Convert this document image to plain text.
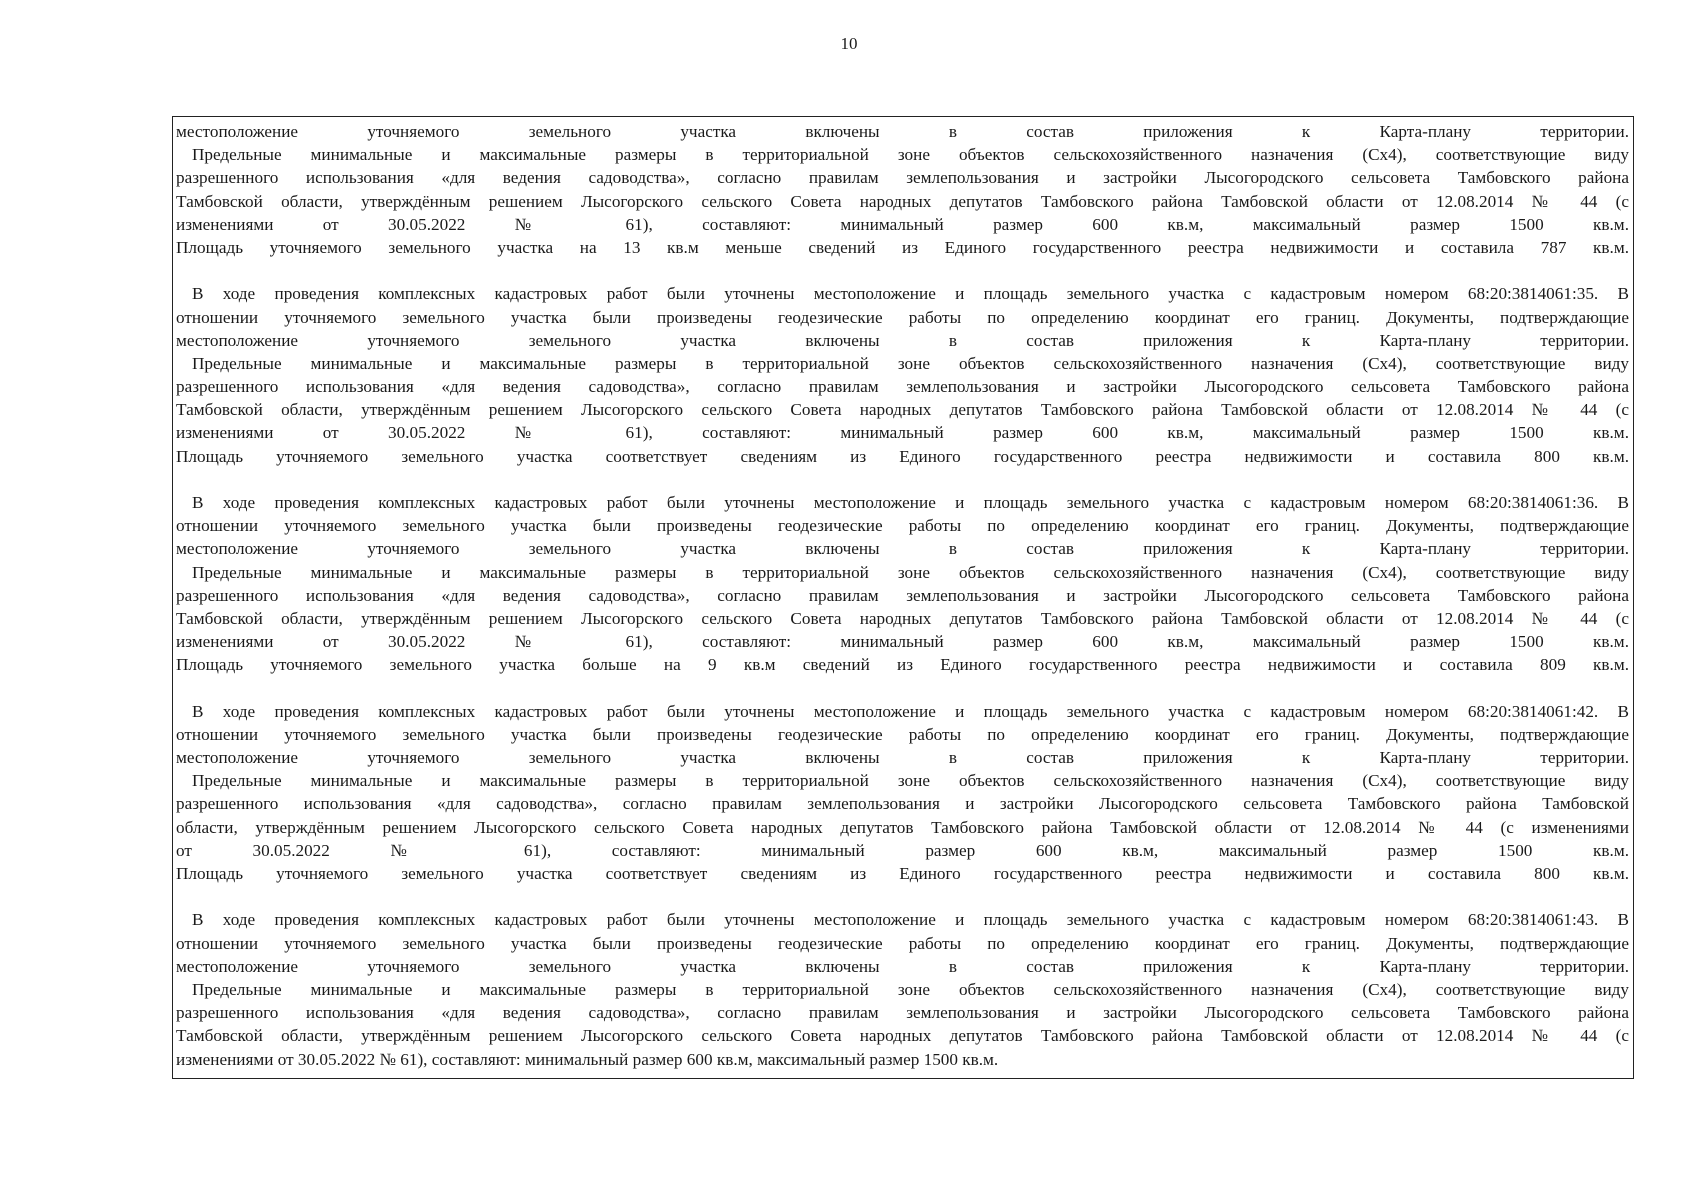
10
местоположение уточняемого земельного участка включены в состав приложения к Карта-плану территории.
Предельные минимальные и максимальные размеры в территориальной зоне объектов сельскохозяйственного назначения (Сх4), соответствующие виду
разрешенного использования «для ведения садоводства», согласно правилам землепользования и застройки Лысогородского сельсовета Тамбовского района
Тамбовской области, утверждённым решением Лысогорского сельского Совета народных депутатов Тамбовского района Тамбовской области от 12.08.2014 № 44 (с
изменениями от 30.05.2022 № 61), составляют: минимальный размер 600 кв.м, максимальный размер 1500 кв.м.
Площадь уточняемого земельного участка на 13 кв.м меньше сведений из Единого государственного реестра недвижимости и составила 787 кв.м.
В ходе проведения комплексных кадастровых работ были уточнены местоположение и площадь земельного участка с кадастровым номером 68:20:3814061:35. В
отношении уточняемого земельного участка были произведены геодезические работы по определению координат его границ. Документы, подтверждающие
местоположение уточняемого земельного участка включены в состав приложения к Карта-плану территории.
Предельные минимальные и максимальные размеры в территориальной зоне объектов сельскохозяйственного назначения (Сх4), соответствующие виду
разрешенного использования «для ведения садоводства», согласно правилам землепользования и застройки Лысогородского сельсовета Тамбовского района
Тамбовской области, утверждённым решением Лысогорского сельского Совета народных депутатов Тамбовского района Тамбовской области от 12.08.2014 № 44 (с
изменениями от 30.05.2022 № 61), составляют: минимальный размер 600 кв.м, максимальный размер 1500 кв.м.
Площадь уточняемого земельного участка соответствует сведениям из Единого государственного реестра недвижимости и составила 800 кв.м.
В ходе проведения комплексных кадастровых работ были уточнены местоположение и площадь земельного участка с кадастровым номером 68:20:3814061:36. В
отношении уточняемого земельного участка были произведены геодезические работы по определению координат его границ. Документы, подтверждающие
местоположение уточняемого земельного участка включены в состав приложения к Карта-плану территории.
Предельные минимальные и максимальные размеры в территориальной зоне объектов сельскохозяйственного назначения (Сх4), соответствующие виду
разрешенного использования «для ведения садоводства», согласно правилам землепользования и застройки Лысогородского сельсовета Тамбовского района
Тамбовской области, утверждённым решением Лысогорского сельского Совета народных депутатов Тамбовского района Тамбовской области от 12.08.2014 № 44 (с
изменениями от 30.05.2022 № 61), составляют: минимальный размер 600 кв.м, максимальный размер 1500 кв.м.
Площадь уточняемого земельного участка больше на 9 кв.м сведений из Единого государственного реестра недвижимости и составила 809 кв.м.
В ходе проведения комплексных кадастровых работ были уточнены местоположение и площадь земельного участка с кадастровым номером 68:20:3814061:42. В
отношении уточняемого земельного участка были произведены геодезические работы по определению координат его границ. Документы, подтверждающие
местоположение уточняемого земельного участка включены в состав приложения к Карта-плану территории.
Предельные минимальные и максимальные размеры в территориальной зоне объектов сельскохозяйственного назначения (Сх4), соответствующие виду
разрешенного использования «для садоводства», согласно правилам землепользования и застройки Лысогородского сельсовета Тамбовского района Тамбовской
области, утверждённым решением Лысогорского сельского Совета народных депутатов Тамбовского района Тамбовской области от 12.08.2014 № 44 (с изменениями
от 30.05.2022 № 61), составляют: минимальный размер 600 кв.м, максимальный размер 1500 кв.м.
Площадь уточняемого земельного участка соответствует сведениям из Единого государственного реестра недвижимости и составила 800 кв.м.
В ходе проведения комплексных кадастровых работ были уточнены местоположение и площадь земельного участка с кадастровым номером 68:20:3814061:43. В
отношении уточняемого земельного участка были произведены геодезические работы по определению координат его границ. Документы, подтверждающие
местоположение уточняемого земельного участка включены в состав приложения к Карта-плану территории.
Предельные минимальные и максимальные размеры в территориальной зоне объектов сельскохозяйственного назначения (Сх4), соответствующие виду
разрешенного использования «для ведения садоводства», согласно правилам землепользования и застройки Лысогородского сельсовета Тамбовского района
Тамбовской области, утверждённым решением Лысогорского сельского Совета народных депутатов Тамбовского района Тамбовской области от 12.08.2014 № 44 (с
изменениями от 30.05.2022 № 61), составляют: минимальный размер 600 кв.м, максимальный размер 1500 кв.м.
